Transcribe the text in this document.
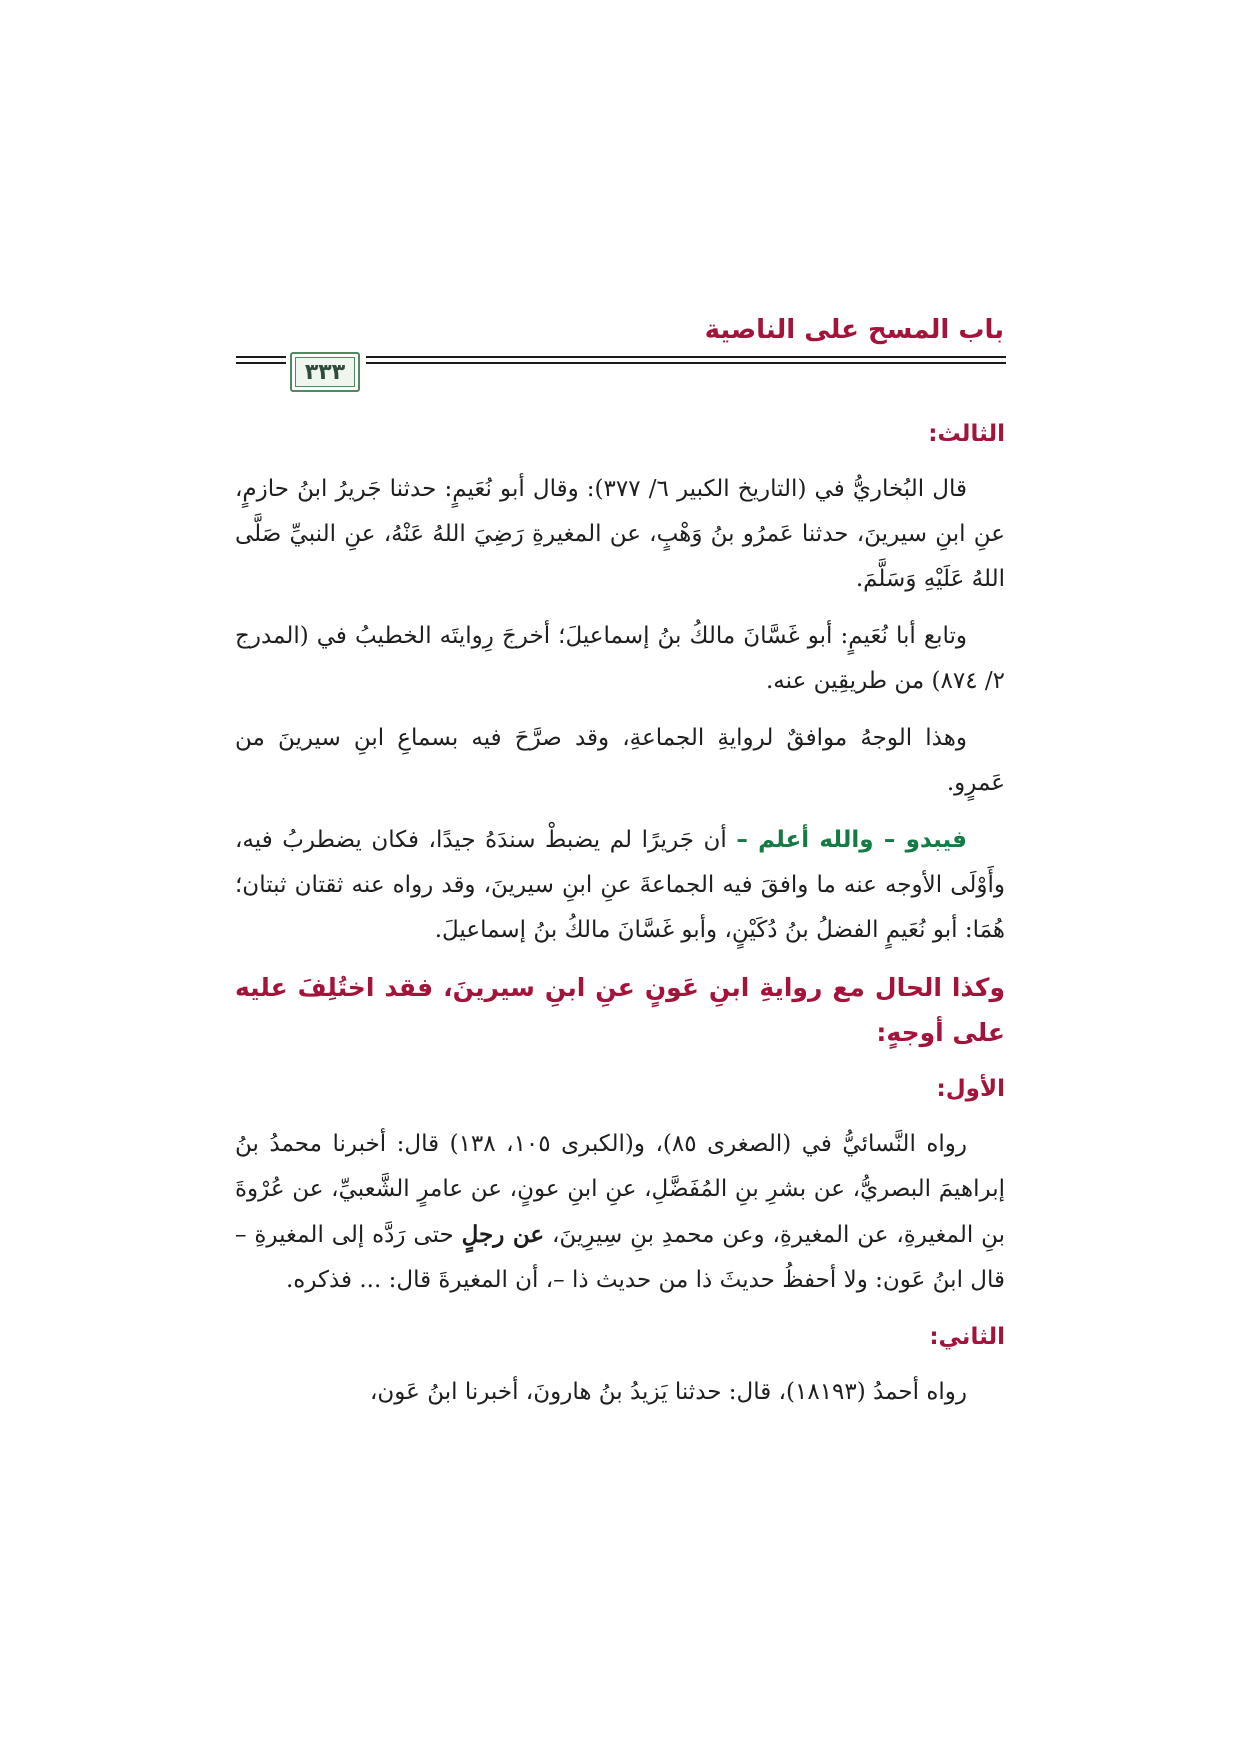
باب المسح على الناصية
٣٣٣
الثالث:

قال البُخاريُّ في (التاريخ الكبير ٦/ ٣٧٧): وقال أبو نُعَيمٍ: حدثنا جَريرُ ابنُ حازمٍ، عنِ ابنِ سيرينَ، حدثنا عَمرُو بنُ وَهْبٍ، عن المغيرةِ رَضِيَ اللهُ عَنْهُ، عنِ النبيِّ صَلَّى اللهُ عَلَيْهِ وَسَلَّمَ.

وتابع أبا نُعَيمٍ: أبو غَسَّانَ مالكُ بنُ إسماعيلَ؛ أخرجَ رِوايتَه الخطيبُ في (المدرج ٢/ ٨٧٤) من طريقِين عنه.

وهذا الوجهُ موافقٌ لروايةِ الجماعةِ، وقد صرَّحَ فيه بسماعِ ابنِ سيرينَ من عَمرٍو.

فيبدو – والله أعلم – أن جَريرًا لم يضبطْ سندَهُ جيدًا، فكان يضطربُ فيه، وأَوْلَى الأوجه عنه ما وافقَ فيه الجماعةَ عنِ ابنِ سيرينَ، وقد رواه عنه ثقتان ثبتان؛ هُمَا: أبو نُعَيمٍ الفضلُ بنُ دُكَيْنٍ، وأبو غَسَّانَ مالكُ بنُ إسماعيلَ.

وكذا الحال مع روايةِ ابنِ عَونٍ عنِ ابنِ سيرينَ، فقد اختُلِفَ عليه على أوجهٍ:
الأول:

رواه النَّسائيُّ في (الصغرى ٨٥)، و(الكبرى ١٠٥، ١٣٨) قال: أخبرنا محمدُ بنُ إبراهيمَ البصريُّ، عن بشرِ بنِ المُفَضَّلِ، عنِ ابنِ عونٍ، عن عامرٍ الشَّعبيِّ، عن عُرْوةَ بنِ المغيرةِ، عن المغيرةِ، وعن محمدِ بنِ سِيرِينَ، عن رجلٍ حتى رَدَّه إلى المغيرةِ – قال ابنُ عَون: ولا أحفظُ حديثَ ذا من حديث ذا –، أن المغيرةَ قال: ... فذكره.

الثاني:

رواه أحمدُ (١٨١٩٣)، قال: حدثنا يَزيدُ بنُ هارونَ، أخبرنا ابنُ عَون،
